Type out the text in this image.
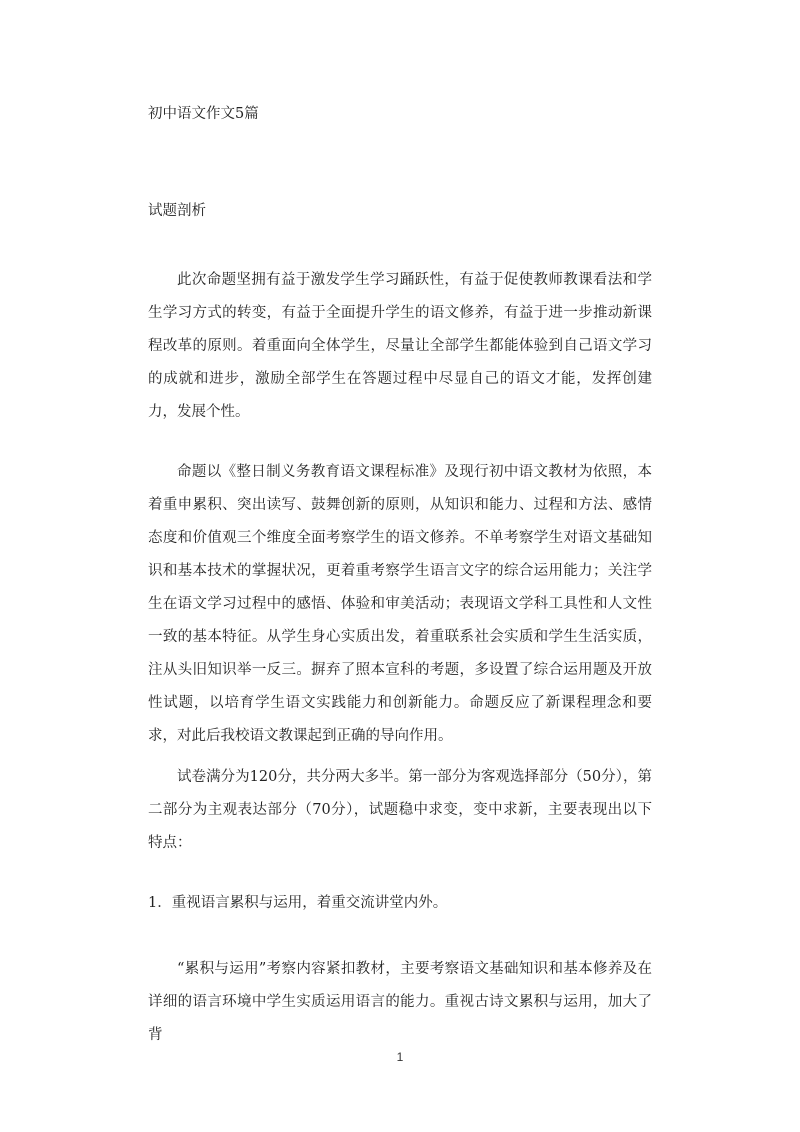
初中语文作文5篇
试题剖析
此次命题坚拥有益于激发学生学习踊跃性，有益于促使教师教课看法和学生学习方式的转变，有益于全面提升学生的语文修养，有益于进一步推动新课程改革的原则。着重面向全体学生，尽量让全部学生都能体验到自己语文学习的成就和进步，激励全部学生在答题过程中尽显自己的语文才能，发挥创建力，发展个性。
命题以《整日制义务教育语文课程标准》及现行初中语文教材为依照，本着重申累积、突出读写、鼓舞创新的原则，从知识和能力、过程和方法、感情态度和价值观三个维度全面考察学生的语文修养。不单考察学生对语文基础知识和基本技术的掌握状况，更着重考察学生语言文字的综合运用能力；关注学生在语文学习过程中的感悟、体验和审美活动；表现语文学科工具性和人文性一致的基本特征。从学生身心实质出发，着重联系社会实质和学生生活实质，注从头旧知识举一反三。摒弃了照本宣科的考题，多设置了综合运用题及开放性试题，以培育学生语文实践能力和创新能力。命题反应了新课程理念和要求，对此后我校语文教课起到正确的导向作用。
试卷满分为120分，共分两大多半。第一部分为客观选择部分（50分），第二部分为主观表达部分（70分），试题稳中求变，变中求新，主要表现出以下特点：
1．重视语言累积与运用，着重交流讲堂内外。
“累积与运用”考察内容紧扣教材，主要考察语文基础知识和基本修养及在详细的语言环境中学生实质运用语言的能力。重视古诗文累积与运用，加大了背
1
